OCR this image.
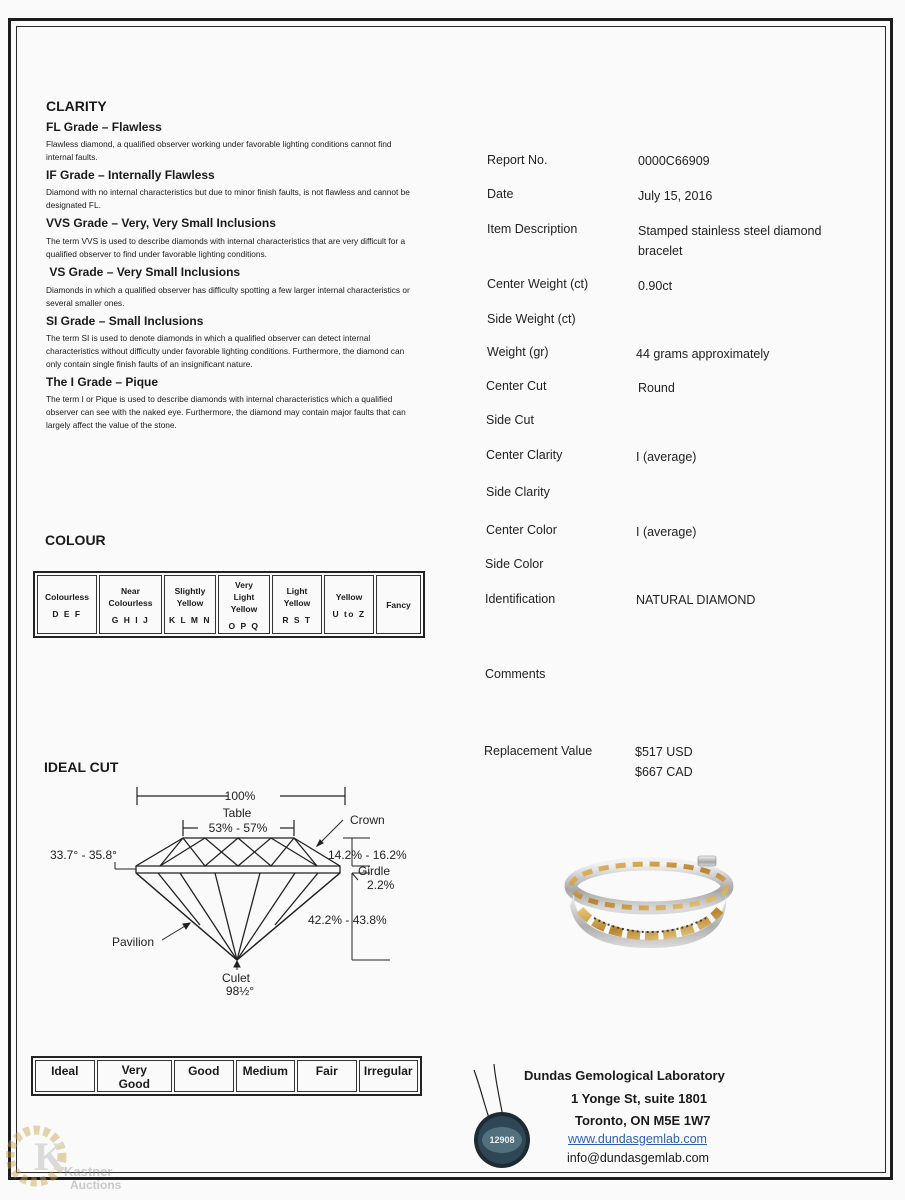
CLARITY
FL Grade – Flawless
Flawless diamond, a qualified observer working under favorable lighting conditions cannot find internal faults.
IF Grade – Internally Flawless
Diamond with no internal characteristics but due to minor finish faults, is not flawless and cannot be designated FL.
VVS Grade – Very, Very Small Inclusions
The term VVS is used to describe diamonds with internal characteristics that are very difficult for a qualified observer to find under favorable lighting conditions.
VS Grade – Very Small Inclusions
Diamonds in which a qualified observer has difficulty spotting a few larger internal characteristics or several smaller ones.
SI Grade – Small Inclusions
The term SI is used to denote diamonds in which a qualified observer can detect internal characteristics without difficulty under favorable lighting conditions. Furthermore, the diamond can only contain single finish faults of an insignificant nature.
The I Grade – Pique
The term I or Pique is used to describe diamonds with internal characteristics which a qualified observer can see with the naked eye. Furthermore, the diamond may contain major faults that can largely affect the value of the stone.
COLOUR
Colourless
D E F
Near Colourless
G H I J
Slightly Yellow
K L M N
Very Light Yellow
O P Q
Light Yellow
R S T
Yellow
U to Z
Fancy
IDEAL CUT
100%
Table
53% - 57%
Crown
33.7° - 35.8°	14.2% - 16.2%
Girdle
2.2%
42.2% - 43.8%
Pavilion
Culet
98½°
Ideal	Very Good
Good	Medium	Fair	Irregular
Report No.	0000C66909
Date	July 15, 2016
Item Description	Stamped stainless steel diamond bracelet
Center Weight (ct)	0.90ct
Side Weight (ct)
Weight (gr)	44 grams approximately
Center Cut	Round
Side Cut
Center Clarity	I (average)
Side Clarity
Center Color	I (average)
Side Color
Identification	NATURAL DIAMOND
Comments
Replacement Value	$517 USD
$667 CAD
12908
Dundas Gemological Laboratory
1 Yonge St, suite 1801
Toronto, ON M5E 1W7
www.dundasgemlab.com
info@dundasgemlab.com
K
Kastner
Auctions
